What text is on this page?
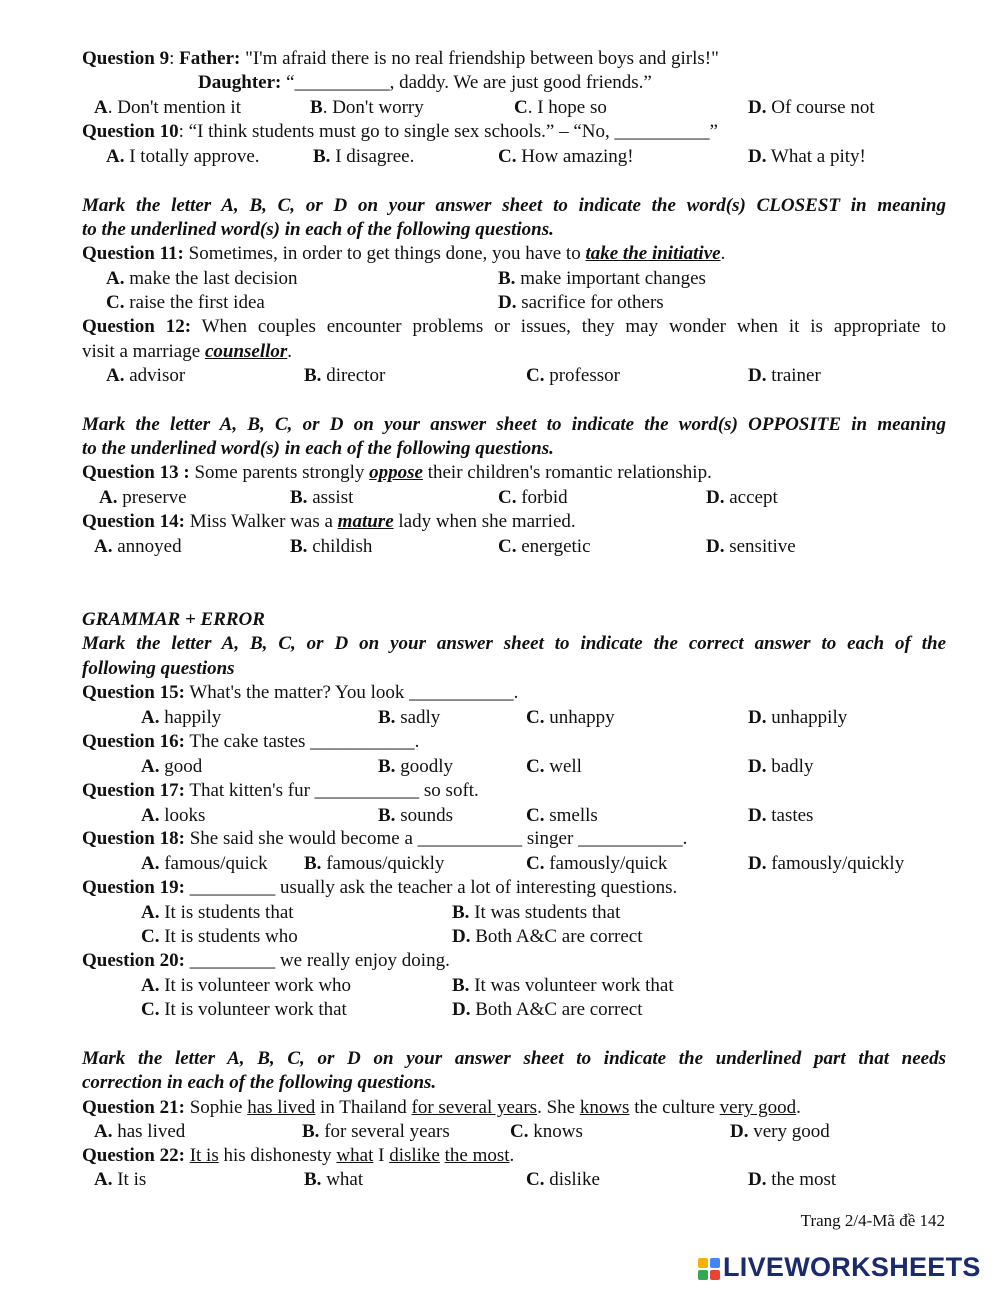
Question 9: Father: "I'm afraid there is no real friendship between boys and girls!"
Daughter: “__________, daddy. We are just good friends.”
A. Don't mention it	B. Don't worry	C. I hope so	D. Of course not
Question 10: “I think students must go to single sex schools.” – “No, __________”
A. I totally approve.	B. I disagree.	C. How amazing!	D. What a pity!
Mark the letter A, B, C, or D on your answer sheet to indicate the word(s) CLOSEST in meaning
to the underlined word(s) in each of the following questions.
Question 11: Sometimes, in order to get things done, you have to take the initiative.
A. make the last decision	B. make important changes
C. raise the first idea	D. sacrifice for others
Question 12: When couples encounter problems or issues, they may wonder when it is appropriate to
visit a marriage counsellor.
A. advisor	B. director	C. professor	D. trainer
Mark the letter A, B, C, or D on your answer sheet to indicate the word(s) OPPOSITE in meaning
to the underlined word(s) in each of the following questions.
Question 13 : Some parents strongly oppose their children's romantic relationship.
A. preserve	B. assist	C. forbid	D. accept
Question 14: Miss Walker was a mature lady when she married.
A. annoyed	B. childish	C. energetic	D. sensitive
GRAMMAR + ERROR
Mark the letter A, B, C, or D on your answer sheet to indicate the correct answer to each of the
following questions
Question 15: What's the matter? You look ___________.
A. happily	B. sadly	C. unhappy	D. unhappily
Question 16: The cake tastes ___________.
A. good	B. goodly	C. well	D. badly
Question 17: That kitten's fur ___________ so soft.
A. looks	B. sounds	C. smells	D. tastes
Question 18: She said she would become a ___________ singer ___________.
A. famous/quick B. famous/quickly	C. famously/quick	D. famously/quickly
Question 19: _________ usually ask the teacher a lot of interesting questions.
A. It is students that	B. It was students that
C. It is students who	D. Both A&C are correct
Question 20: _________ we really enjoy doing.
A. It is volunteer work who	B. It was volunteer work that
C. It is volunteer work that	D. Both A&C are correct
Mark the letter A, B, C, or D on your answer sheet to indicate the underlined part that needs
correction in each of the following questions.
Question 21: Sophie has lived in Thailand for several years. She knows the culture very good.
A. has lived	B. for several years	C. knows	D. very good
Question 22: It is his dishonesty what I dislike the most.
A. It is	B. what	C. dislike	D. the most
Trang 2/4-Mã đề 142
LIVEWORKSHEETS
